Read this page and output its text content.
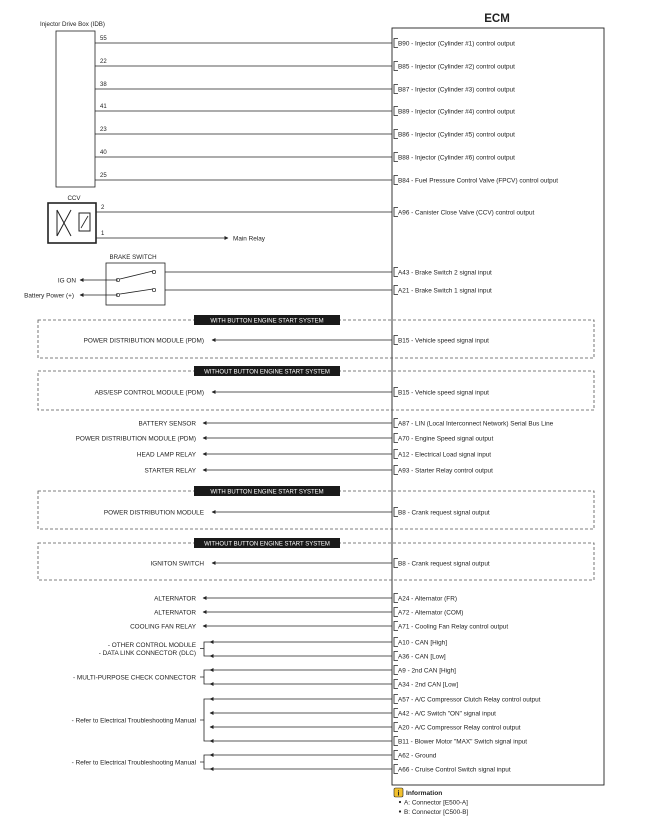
ECM
Injector Drive Box (IDB)
55
B90 - Injector (Cylinder #1) control output
22
B85 - Injector (Cylinder #2) control output
38
B87 - Injector (Cylinder #3) control output
41
B89 - Injector (Cylinder #4) control output
23
B86 - Injector (Cylinder #5) control output
40
B88 - Injector (Cylinder #6) control output
25
B84 - Fuel Pressure Control Valve (FPCV) control output
CCV
2
A96 - Canister Close Valve (CCV) control output
1
Main Relay
BRAKE SWITCH
IG ON
Battery Power (+)
A43 - Brake Switch 2 signal input
A21 - Brake Switch 1 signal input
WITH BUTTON ENGINE START SYSTEM
POWER DISTRIBUTION MODULE (PDM)	B15 - Vehicle speed signal input
WITHOUT BUTTON ENGINE START SYSTEM
ABS/ESP CONTROL MODULE (PDM)	B15 - Vehicle speed signal input
WITH BUTTON ENGINE START SYSTEM
POWER DISTRIBUTION MODULE	B8 - Crank request signal output
WITHOUT BUTTON ENGINE START SYSTEM
IGNITON SWITCH	B8 - Crank request signal output
BATTERY SENSOR	A87 - LIN (Local Interconnect Network) Serial Bus Line
POWER DISTRIBUTION MODULE (PDM)	A70 - Engine Speed signal output
HEAD LAMP RELAY	A12 - Electrical Load signal input
STARTER RELAY	A93 - Starter Relay control output
ALTERNATOR	A24 - Alternator (FR)
ALTERNATOR	A72 - Alternator (COM)
COOLING FAN RELAY	A71 - Cooling Fan Relay control output
A10 - CAN [High]
A36 - CAN [Low]
A9 - 2nd CAN [High]
A34 - 2nd CAN [Low]
A57 - A/C Compressor Clutch Relay control output
A42 - A/C Switch "ON" signal input
A20 - A/C Compressor Relay control output
B11 - Blower Motor "MAX" Switch signal input
A62 - Ground
A66 - Cruise Control Switch signal input
- OTHER CONTROL MODULE
- DATA LINK CONNECTOR (DLC)
- MULTI-PURPOSE CHECK CONNECTOR
- Refer to Electrical Troubleshooting Manual
- Refer to Electrical Troubleshooting Manual
i Information
A: Connector [E500-A]
B: Connector [C500-B]
